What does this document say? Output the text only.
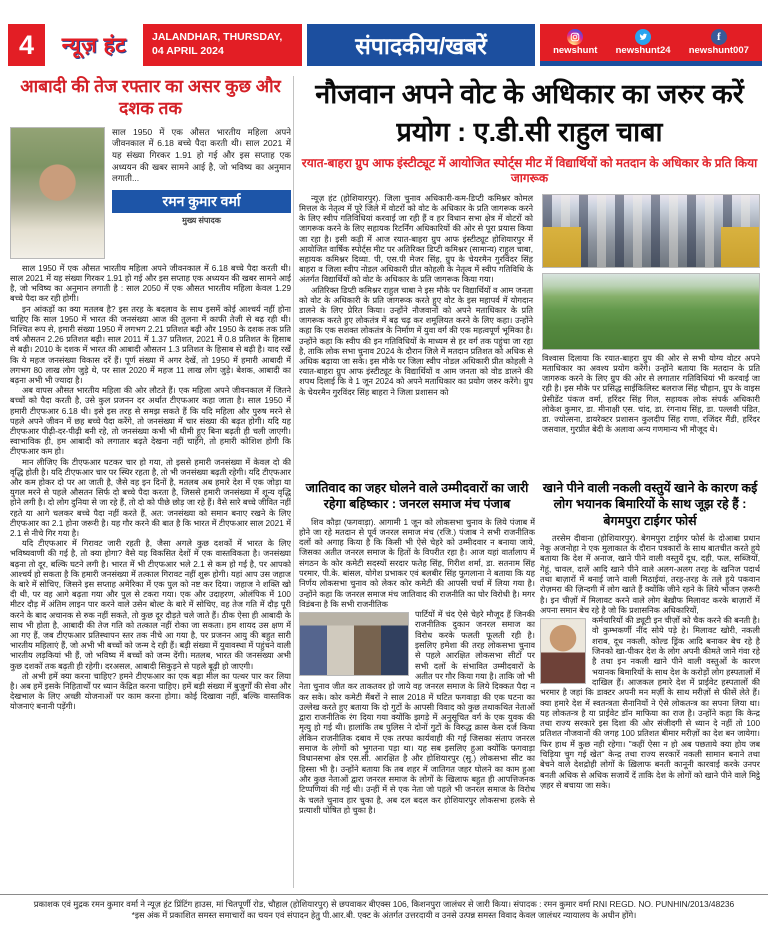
4	न्यूज़ हंट	JALANDHAR, THURSDAY,
04 APRIL 2024	संपादकीय/खबरें	newshunt newshunt24
f
newshunt007
आबादी की तेज रफ्तार का असर कुछ और दशक तक
साल 1950 में एक औसत भारतीय महिला अपने जीवनकाल में 6.18 बच्चे पैदा करती थी। साल 2021 में यह संख्या गिरकर 1.91 हो गई और इस सप्ताह एक अध्ययन की खबर सामने आई है, जो भविष्य का अनुमान लगाती...
रमन कुमार वर्मा
मुख्य संपादक

साल 1950 में एक औसत भारतीय महिला अपने जीवनकाल में 6.18 बच्चे पैदा करती थी। साल 2021 में यह संख्या गिरकर 1.91 हो गई और इस सप्ताह एक अध्ययन की खबर सामने आई है, जो भविष्य का अनुमान लगाती है : साल 2050 में एक औसत भारतीय महिला केवल 1.29 बच्चे पैदा कर रही होगी।

इन आंकड़ों का क्या मतलब है? इस तरह के बदलाव के साथ इसमें कोई आश्चर्य नहीं होना चाहिए कि साल 1950 में भारत की जनसंख्या आज की तुलना में काफी तेजी से बढ़ रही थी। निश्चित रूप से, हमारी संख्या 1950 में लगभग 2.21 प्रतिशत बढ़ी और 1950 के दशक तक प्रति वर्ष औसतन 2.26 प्रतिशत बढ़ी। साल 2011 में 1.37 प्रतिशत, 2021 में 0.8 प्रतिशत के हिसाब से बढ़ी। 2010 के दशक में भारत की आबादी औसतन 1.3 प्रतिशत के हिसाब से बढ़ी है। याद रखें कि ये महज जनसंख्या विकास दरें हैं। पूर्ण संख्या में अगर देखें, तो 1950 में हमारी आबादी में लगभग 80 लाख लोग जुड़े थे, पर साल 2020 में महज 11 लाख लोग जुड़े। बेशक, आबादी का बढ़ना अभी भी ज्यादा है।

अब वापस औसत भारतीय महिला की ओर लौटते हैं। एक महिला अपने जीवनकाल में जितने बच्चों को पैदा करती है, उसे कुल प्रजनन दर अर्थात टीएफआर कहा जाता है। साल 1950 में हमारी टीएफआर 6.18 थी। इसे इस तरह से समझ सकते हैं कि यदि महिला और पुरुष मरने से पहले अपने जीवन में छह बच्चे पैदा करेंगे, तो जनसंख्या में चार संख्या की बढ़त होगी। यदि यह टीएफआर पीढ़ी-दर-पीढ़ी बनी रहे, तो जनसंख्या कभी भी धीमी हुए बिना बढ़ती ही चली जाएगी। स्वाभाविक ही, हम आबादी को लगातार बढ़ते देखना नहीं चाहेंगे, तो हमारी कोशिश होगी कि टीएफआर कम हो।

मान लीजिए कि टीएफआर घटकर चार हो गया, तो इससे हमारी जनसंख्या में केवल दो की वृद्धि होती है। यदि टीएफआर चार पर स्थिर रहता है, तो भी जनसंख्या बढ़ती रहेगी। यदि टीएफआर और कम होकर दो पर आ जाती है, जैसे वह इन दिनों है, मतलब अब हमारे देश में एक जोड़ा या युगल मरने से पहले औसतन सिर्फ दो बच्चे पैदा करता है, जिससे हमारी जनसंख्या में शून्य वृद्धि होने लगी है। दो लोग दुनिया से जा रहे हैं, तो दो को पीछे छोड़ जा रहे हैं। वैसे सारे बच्चे जीवित नहीं रहते या आगे चलकर बच्चे पैदा नहीं करते हैं, अत: जनसंख्या को समान बनाए रखने के लिए टीएफआर का 2.1 होना जरूरी है। यह गौर करने की बात है कि भारत में टीएफआर साल 2021 में 2.1 से नीचे गिर गया है।

यदि टीएफआर में गिरावट जारी रहती है, जैसा अगले कुछ दशकों में भारत के लिए भविष्यवाणी की गई है, तो क्या होगा? वैसे यह विकसित देशों में एक वास्तविकता है। जनसंख्या बढ़ना तो दूर, बल्कि घटने लगी है। भारत में भी टीएफआर भले 2.1 से कम हो गई है, पर आपको आश्चर्य हो सकता है कि हमारी जनसंख्या में तत्काल गिरावट नहीं शुरू होगी। यहां आप उस जहाज के बारे में सोचिए, जिसने इस सप्ताह अमेरिका में एक पुल को नष्ट कर दिया। जहाज ने शक्ति खो दी थी, पर वह आगे बढ़ता गया और पुल से टकरा गया। एक और उदाहरण, ओलंपिक में 100 मीटर दौड़ में अंतिम लाइन पार करने वाले उसेन बोल्ट के बारे में सोचिए, वह तेज गति में दौड़ पूरी करने के बाद अचानक से रुक नहीं सकते, तो कुछ दूर दौड़ते चले जाते हैं। ठीक ऐसा ही आबादी के साथ भी होता है, आबादी की तेज गति को तत्काल नहीं रोका जा सकता। हम शायद उस क्षण में आ गए हैं, जब टीएफआर प्रतिस्थापन स्तर तक नीचे आ गया है, पर प्रजनन आयु की बहुत सारी भारतीय महिलाएं हैं, जो अभी भी बच्चों को जन्म दे रही हैं। बड़ी संख्या में युवावस्था में पहुंचने वाली भारतीय लड़कियां भी हैं, जो भविष्य में बच्चों को जन्म देंगी। मतलब, भारत की जनसंख्या अभी कुछ दशकों तक बढ़ती ही रहेगी। दरअसल, आबादी सिकुड़ने से पहले बूढ़ी हो जाएगी।

तो अभी हमें क्या करना चाहिए? हमने टीएफआर का एक बड़ा मील का पत्थर पार कर लिया है। अब हमें इसके निहितार्थों पर ध्यान केंद्रित करना चाहिए। हमें बड़ी संख्या में बुजुर्गों की सेवा और देखभाल के लिए अच्छी योजनाओं पर काम करना होगा। कोई दिखावा नहीं, बल्कि वास्तविक योजनाएं बनानी पड़ेंगी।

नौजवान अपने वोट के अधिकार का जरुर करें प्रयोग : ए.डी.सी राहुल चाबा
रयात-बाहरा ग्रुप आफ इंस्टीट्यूट में आयोजित स्पोर्ट्स मीट में विद्यार्थियों को मतदान के अधिकार के प्रति किया जागरूक

न्यूज़ हंट (होशियारपुर). जिला चुनाव अधिकारी-कम-डिप्टी कमिश्नर कोमल मित्तल के नेतृत्व में पूरे जिले में वोटरों को वोट के अधिकार के प्रति जागरूक करने के लिए स्वीप गतिविधियां करवाई जा रही हैं व हर विधान सभा क्षेत्र में वोटरों को जागरूक करने के लिए सहायक रिटर्निंग अधिकारियों की ओर से पूरा प्रयास किया जा रहा है। इसी कड़ी में आज रयात-बाहरा ग्रुप आफ इंस्टीट्यूट होशियारपुर में आयोजित वार्षिक स्पोर्ट्स मीट पर अतिरिक्त डिप्टी कमिश्नर (सामान्य) राहुल चाबा, सहायक कमिश्नर दिव्या. पी, एस.पी मेजर सिंह, ग्रुप के चेयरमैन गुरविंदर सिंह बाहरा व जिला स्वीप नोडल अधिकारी प्रीत कोहली के नेतृत्व में स्वीप गतिविधि के अंतर्गत विद्यार्थियों को वोट के अधिकार के प्रति जागरूक किया गया।

अतिरिक्त डिप्टी कमिश्नर राहुल चाबा ने इस मौके पर विद्यार्थियों व आम जनता को वोट के अधिकारी के प्रति जागरूक करते हुए वोट के इस महापर्व में योगदान डालने के लिए प्रेरित किया। उन्होंने नौजवानों को अपने मताधिकार के प्रति जागरूक करते हुए लोकतंत्र में बढ़ चढ़ कर शमूलियत करने के लिए कहा। उन्होंने कहा कि एक सशक्त लोकतंत्र के निर्माण में युवा वर्ग की एक महत्वपूर्ण भूमिका है। उन्होंने कहा कि स्वीप की इन गतिविधियों के माध्यम से हर वर्ग तक पहुंचा जा रहा है, ताकि लोक सभा चुनाव 2024 के दौरान जिले में मतदान प्रतिशत को अधिक से अधिक बढ़ाया जा सके। इस मौके पर जिला स्वीप नोडल अधिकारी प्रीत कोहली ने रयात-बाहरा ग्रुप आफ इंस्टीट्यूट के विद्यार्थियों व आम जनता को वोड डालने की शपथ दिलाई कि वे 1 जून 2024 को अपने मताधिकार का प्रयोग जरुर करेंगे। ग्रुप के चेयरमैन गुरविंदर सिंह बाहरा ने जिला प्रशासन को

विश्वास दिलाया कि रयात-बाहरा ग्रुप की ओर से सभी योग्य वोटर अपने मताधिकार का अवश्य प्रयोग करेंगे। उन्होंने बताया कि मतदान के प्रति जागरुक करने के लिए ग्रुप की ओर से लगातार गतिविधियां भी करवाई जा रही है। इस मौके पर प्रसिद्ध साईकिलिस्ट बलराज सिंह चौहान, ग्रुप के वाइस प्रेसीडेंट पंकज वर्मा, हरिंदर सिंह गिल, सहायक लोक संपर्क अधिकारी लोकेश कुमार, डा. मीनाक्षी एस. चांद, डा. रंगनाथ सिंह, डा. पल्लवी पंडित, डा. ज्योत्सना, डायरेक्टर प्रशासन कुलदीप सिंह राणा, रजिंदर मैंडी, हरिंदर जसवाल, गुरप्रीत बेदी के अलावा अन्य गणमान्य भी मौजूद थे।
जातिवाद का जहर घोलने वाले उम्मीदवारों का जारी रहेगा बहिष्कार : जनरल समाज मंच पंजाब

शिव कौड़ा (फगवाड़ा). आगामी 1 जून को लोकसभा चुनाव के लिये पंजाब में होने जा रहे मतदान से पूर्व जनरल समाज मंच (रजि.) पंजाब ने सभी राजनीतिक दलों को अगाह किया है कि किसी भी ऐसे चेहरे को उम्मीदवार न बनाया जाये, जिसका अतीत जनरल समाज के हितों के विपरीत रहा है। आज यहां वार्तालाप में संगठन के कोर कमेटी सदस्यों सरदार फतेह सिंह, गिरीश शर्मा, डा. सतनाम सिंह परमार, पी.के. बांसल, योगेश प्रभाकर एवं बलबीर सिंह फुगलाना ने बताया कि यह निर्णय लोकसभा चुनाव को लेकर कोर कमेटी की आपसी चर्चा में लिया गया है। उन्होंने कहा कि जनरल समाज मंच जातिवाद की राजनीति का घोर विरोधी है। मगर विडंबना है कि सभी राजनीतिक

पार्टियों में चंद ऐसे चेहरे मौजूद हैं जिनकी राजनीतिक दुकान जनरल समाज का विरोध करके फलती फूलती रही है। इसलिए हमेशा की तरह लोकसभा चुनाव से पहले आरक्षित लोकसभा सीटों पर सभी दलों के संभावित उम्मीदवारों के अतीत पर गौर किया गया है। ताकि जो भी नेता चुनाव जीत कर ताकतवर हो जाये वह जनरल समाज के लिये दिक्कत पैदा न कर सके। कोर कमेटी मैंबरों ने साल 2018 में घटित फगवाड़ा की एक घटना का उल्लेख करते हुए बताया कि दो गुटों के आपसी विवाद को कुछ तथाकथित नेताओं द्वारा राजनीतिक रंग दिया गया क्योंकि झगड़े में अनुसूचित वर्ग के एक युवक की मृत्यु हो गई थी। हालांकि तब पुलिस ने दोनों गुटों के विरुद्ध क्रास केस दर्ज किया लेकिन राजनीतिक दबाव में एक तरफा कार्यवाही की गई जिसका संताप जनरल समाज के लोगों को भुगतना पड़ा था। यह सब इसलिए हुआ क्योंकि फगवाड़ा विधानसभा क्षेत्र एस.सी. आरक्षित है और होशियारपुर (सु.) लोकसभा सीट का हिस्सा भी है। उन्होंने बताया कि तब शहर में जातिगत जहर घोलने का काम हुआ और कुछ नेताओं द्वारा जनरल समाज के लोगों के खिलाफ बहुत ही आपत्तिजनक टिप्पणियां की गई थी। उन्हीं में से एक नेता जो पहले भी जनरल समाज के विरोध के चलते चुनाव हार चुका है, अब दल बदल कर होशियारपुर लोकसभा हलके से प्रत्याशी घोषित हो चुका है।

खाने पीने वाली नकली वस्तुयें खाने के कारण कई लोग भयानक बिमारियों के साथ जूझ रहे हैं : बेगमपुरा टाईगर फोर्स

तरसेम दीवाना (होशियारपुर). बेगमपुरा टाईगर फोर्स के दोआबा प्रधान नेकू अजनोहा ने एक मुलाकात के दौरान पत्रकारों के साथ बातचीत करते हुये बताया कि देश में अनाज, खाने पीने वाली वस्तुयें दूध, दही, फल, सब्जियों, गेहूं, चावल, दालें आदि खाने पीने वाले अलग-अलग तरह के खनिज पदार्थ तथा बाज़ारों में बनाई जाने वाली मिठाईयां, तरह-तरह के तले हुये पकवान रोज़मरा की ज़िन्दगी में लोग खाते हैं क्योंकि जीने रहने के लिये भोजन ज़रूरी है। इन चीज़ों में मिलावट करने वाले लोग बेख़ौफ मिलावट करके बाज़ारों में अपना समान बेच रहे है जो कि प्रशासनिक अधिकारियों,

कर्मचारियों की ड्यूटी इन चीज़ों को चैक करने की बनती है। वो कुम्भकर्णी नींद सोये पड़े हे। मिलावट खोरी, नकली शराब, दूध नकली, कोल्ड ड्रिंक आदि बनाकर बेच रहे है जिनको खा-पीकर देश के लोग अपनी कीमते जाने गंवा रहे है तथा इन नकली खाने पीने वाली वस्तुओं के कारण भयानक बिमारियों के साथ देश के करोड़ों लोग हस्पतालों में दाखिल हैं। आजकल हमारे देश में प्राईवेट हस्पतालों की भरमार है जहां कि डाक्टर अपनी मन मर्ज़ी के साथ मरीज़ों से फीसें लेते हैं। क्या हमारे देश में स्वतन्त्रता सैनानियों ने ऐसे लोकतन्त्र का सपना लिया था। यह लोकतन्त्र है या प्राईवेट डॉन माफिया का राज है। उन्होंने कहा कि केन्द्र तथा राज्य सरकारे इस दिशा की ओर संजीदगी से ध्यान दे नहीं तो 100 प्रतिशत नौजवानों की जगह 100 प्रतिशत बीमार मरीज़ों का देश बन जायेगा। फिर हाथ में कुछ नही रहेगा। ''कहीं ऐसा न हो अब पछताये क्या होय जब चिड़िया चुग गई खेत'' केन्द्र तथा राज्य सरकारें नकली सामान बनाने तथा बेचने वाले देशद्रोही लोगों के ख़िलाफ बनती कानूनी कारवाई करके उनपर बनती अधिक से अधिक सजायें दें ताकि देश के लोगों को खाने पीने वाले मिट्ठे ज़हर से बचाया जा सके।

प्रकाशक एवं मुद्रक रमन कुमार वर्मा ने न्यूज़ हंट प्रिंटिंग हाउस, मां चितपूर्णी रोड, चौहाल (होशियारपुर) से छपवाकर बीएक्स 106, किशनपुरा जालंधर से जारी किया। संपादक : रमन कुमार वर्मा RNI REGD. NO. PUNHIN/2013/48236
*इस अंक में प्रकाशित समस्त समाचारों का चयन एवं संपादन हेतु पी.आर.बी. एक्ट के अंतर्गत उत्तरदायी व उनसे उत्पन्न समस्त विवाद केवल जालंधर न्यायालय के अधीन होंगे।
